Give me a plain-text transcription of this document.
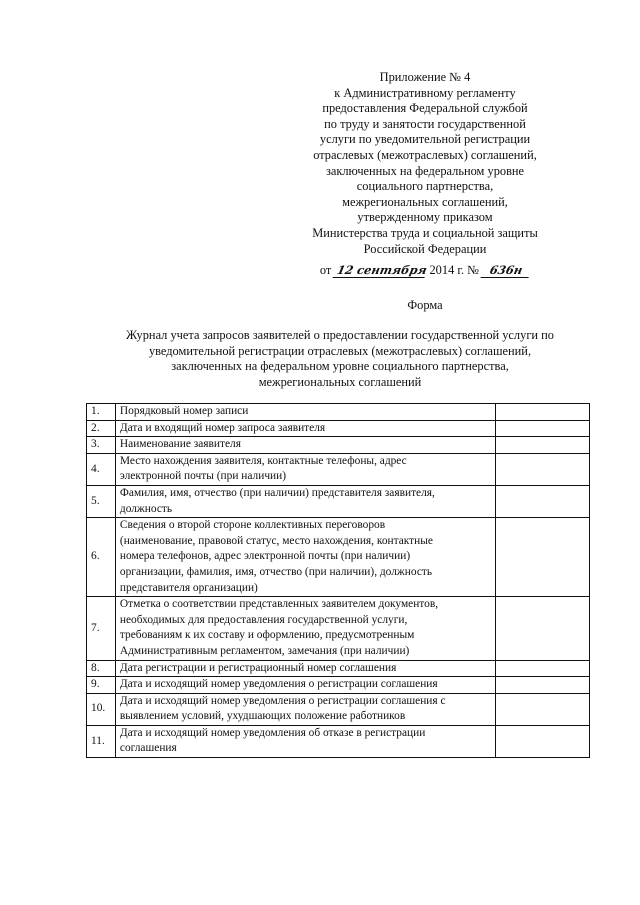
Приложение № 4
к Административному регламенту
предоставления Федеральной службой
по труду и занятости государственной
услуги по уведомительной регистрации
отраслевых (межотраслевых) соглашений,
заключенных на федеральном уровне
социального партнерства,
межрегиональных соглашений,
утвержденному приказом
Министерства труда и социальной защиты
Российской Федерации
от 12 сентября 2014 г. № 636н
Форма
Журнал учета запросов заявителей о предоставлении государственной услуги по
уведомительной регистрации отраслевых (межотраслевых) соглашений,
заключенных на федеральном уровне социального партнерства,
межрегиональных соглашений
1.	Порядковый номер записи	

2.	Дата и входящий номер запроса заявителя	

3.	Наименование заявителя	

4.	Место нахождения заявителя, контактные телефоны, адрес
электронной почты (при наличии)	

5.	Фамилия, имя, отчество (при наличии) представителя заявителя,
должность	

6.	Сведения о второй стороне коллективных переговоров
(наименование, правовой статус, место нахождения, контактные
номера телефонов, адрес электронной почты (при наличии)
организации, фамилия, имя, отчество (при наличии), должность
представителя организации)	

7.	Отметка о соответствии представленных заявителем документов,
необходимых для предоставления государственной услуги,
требованиям к их составу и оформлению, предусмотренным
Административным регламентом, замечания (при наличии)	

8.	Дата регистрации и регистрационный номер соглашения	

9.	Дата и исходящий номер уведомления о регистрации соглашения	

10.	Дата и исходящий номер уведомления о регистрации соглашения с
выявлением условий, ухудшающих положение работников	

11.	Дата и исходящий номер уведомления об отказе в регистрации
соглашения	
